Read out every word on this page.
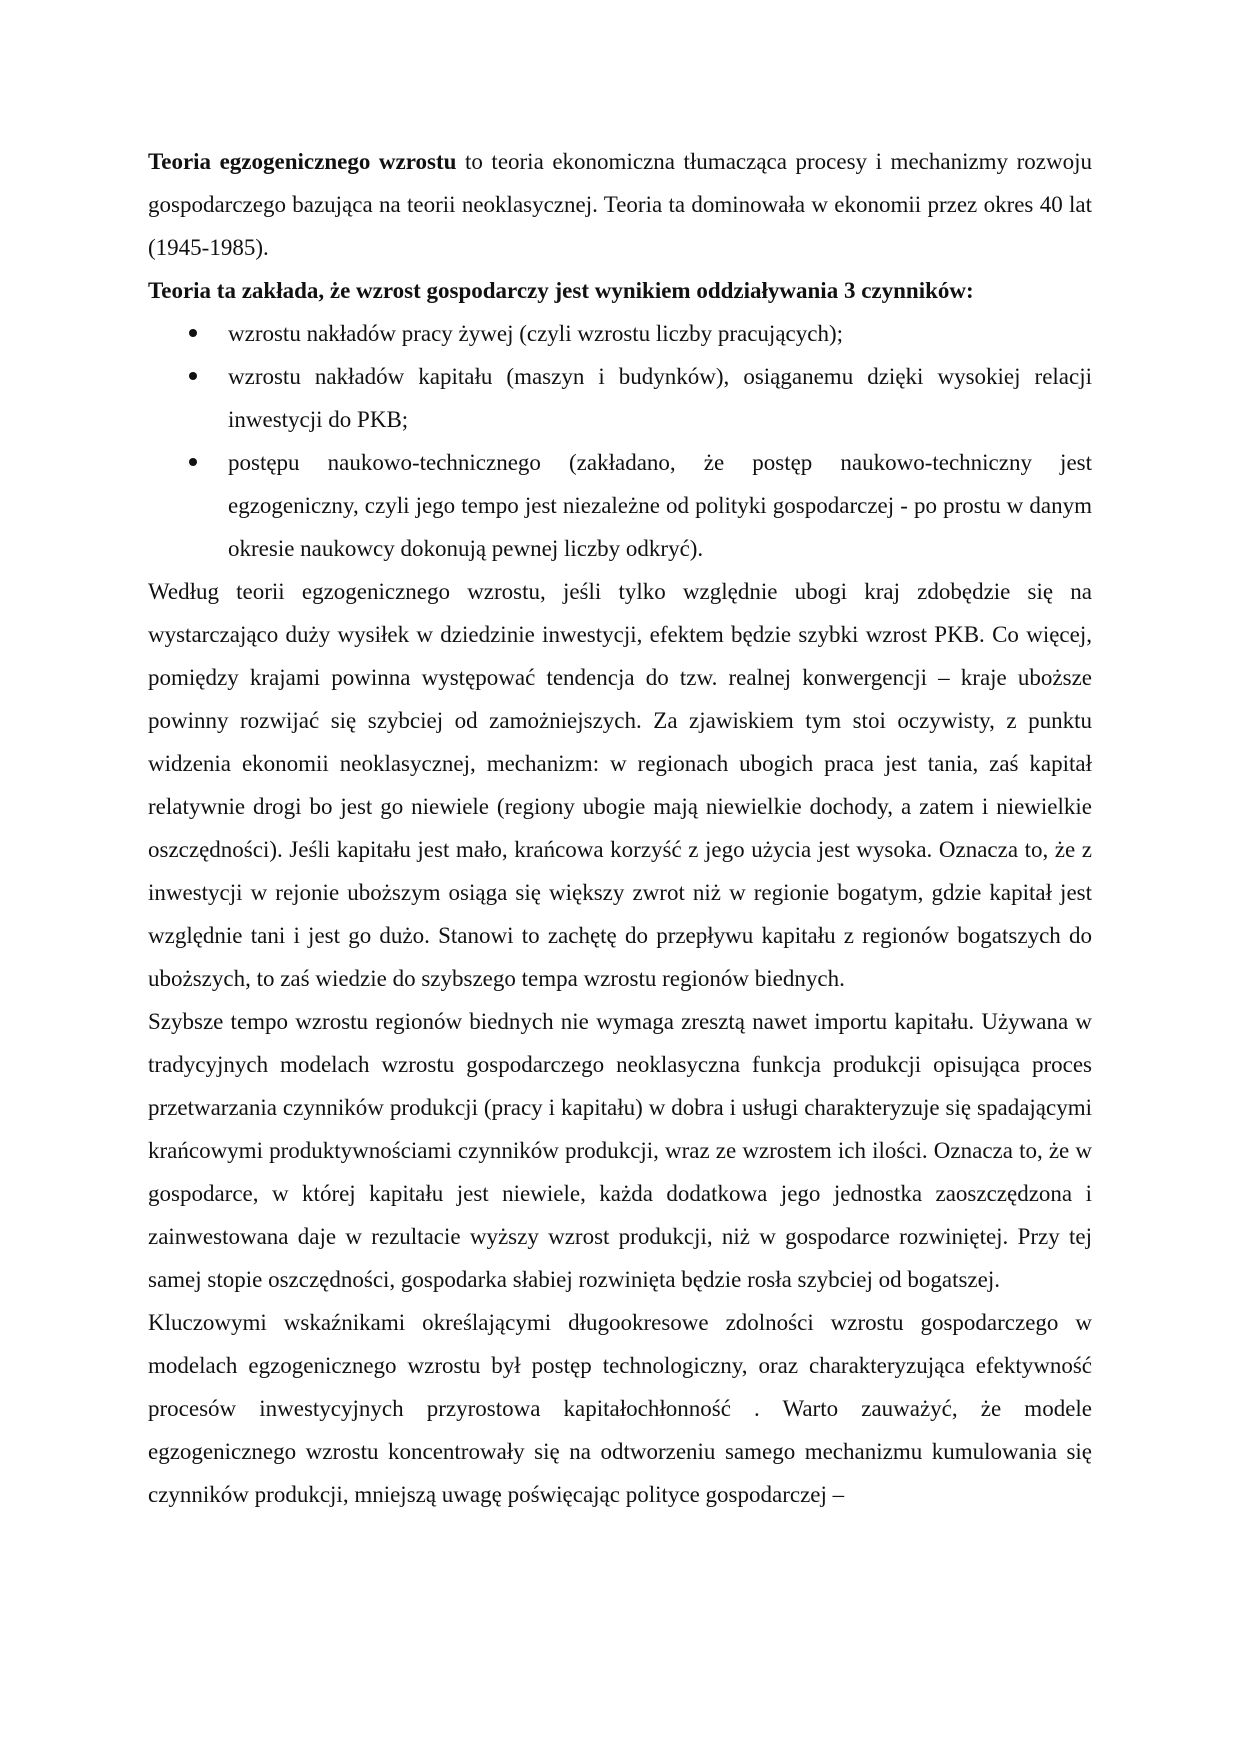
Teoria egzogenicznego wzrostu to teoria ekonomiczna tłumacząca procesy i mechanizmy rozwoju gospodarczego bazująca na teorii neoklasycznej. Teoria ta dominowała w ekonomii przez okres 40 lat (1945-1985).

Teoria ta zakłada, że wzrost gospodarczy jest wynikiem oddziaływania 3 czynników:

wzrostu nakładów pracy żywej (czyli wzrostu liczby pracujących);
wzrostu nakładów kapitału (maszyn i budynków), osiąganemu dzięki wysokiej relacji inwestycji do PKB;
postępu naukowo-technicznego (zakładano, że postęp naukowo-techniczny jest egzogeniczny, czyli jego tempo jest niezależne od polityki gospodarczej - po prostu w danym okresie naukowcy dokonują pewnej liczby odkryć).

Według teorii egzogenicznego wzrostu, jeśli tylko względnie ubogi kraj zdobędzie się na wystarczająco duży wysiłek w dziedzinie inwestycji, efektem będzie szybki wzrost PKB. Co więcej, pomiędzy krajami powinna występować tendencja do tzw. realnej konwergencji – kraje uboższe powinny rozwijać się szybciej od zamożniejszych. Za zjawiskiem tym stoi oczywisty, z punktu widzenia ekonomii neoklasycznej, mechanizm: w regionach ubogich praca jest tania, zaś kapitał relatywnie drogi bo jest go niewiele (regiony ubogie mają niewielkie dochody, a zatem i niewielkie oszczędności). Jeśli kapitału jest mało, krańcowa korzyść z jego użycia jest wysoka. Oznacza to, że z inwestycji w rejonie uboższym osiąga się większy zwrot niż w regionie bogatym, gdzie kapitał jest względnie tani i jest go dużo. Stanowi to zachętę do przepływu kapitału z regionów bogatszych do uboższych, to zaś wiedzie do szybszego tempa wzrostu regionów biednych.

Szybsze tempo wzrostu regionów biednych nie wymaga zresztą nawet importu kapitału. Używana w tradycyjnych modelach wzrostu gospodarczego neoklasyczna funkcja produkcji opisująca proces przetwarzania czynników produkcji (pracy i kapitału) w dobra i usługi charakteryzuje się spadającymi krańcowymi produktywnościami czynników produkcji, wraz ze wzrostem ich ilości. Oznacza to, że w gospodarce, w której kapitału jest niewiele, każda dodatkowa jego jednostka zaoszczędzona i zainwestowana daje w rezultacie wyższy wzrost produkcji, niż w gospodarce rozwiniętej. Przy tej samej stopie oszczędności, gospodarka słabiej rozwinięta będzie rosła szybciej od bogatszej.

Kluczowymi wskaźnikami określającymi długookresowe zdolności wzrostu gospodarczego w modelach egzogenicznego wzrostu był postęp technologiczny, oraz charakteryzująca efektywność procesów inwestycyjnych przyrostowa kapitałochłonność . Warto zauważyć, że modele egzogenicznego wzrostu koncentrowały się na odtworzeniu samego mechanizmu kumulowania się czynników produkcji, mniejszą uwagę poświęcając polityce gospodarczej –
